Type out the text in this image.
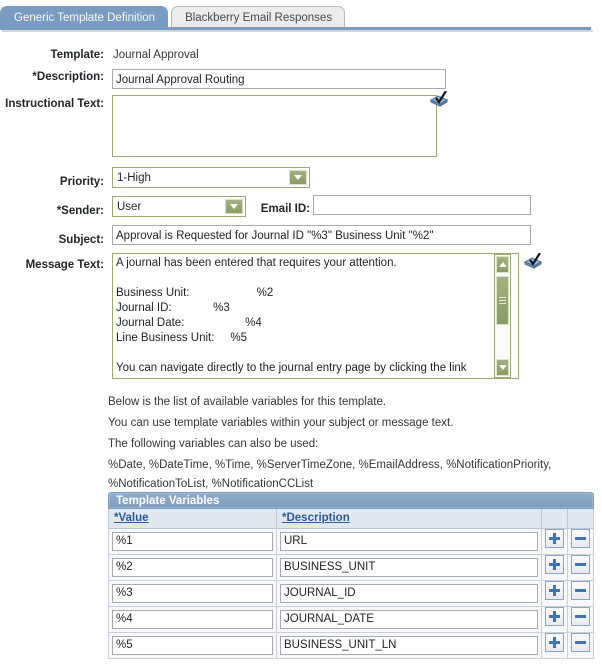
Generic Template Definition	Blackberry Email Responses
Template: Journal Approval
*Description:
Journal Approval Routing
Instructional Text:
Priority:	1-High
*Sender:	User	Email ID:
Subject:
Approval is Requested for Journal ID "%3" Business Unit "%2"
Message Text:	A journal has been entered that requires your attention.

Business Unit:                     %2
Journal ID:             %3
Journal Date:                   %4
Line Business Unit:     %5

You can navigate directly to the journal entry page by clicking the link
Below is the list of available variables for this template.
You can use template variables within your subject or message text.
The following variables can also be used:
%Date, %DateTime, %Time, %ServerTimeZone, %EmailAddress, %NotificationPriority,
%NotificationToList, %NotificationCCList
Template Variables
*Value	*Description		
%1	URL	

%2	BUSINESS_UNIT	

%3	JOURNAL_ID	

%4	JOURNAL_DATE	

%5	BUSINESS_UNIT_LN	
